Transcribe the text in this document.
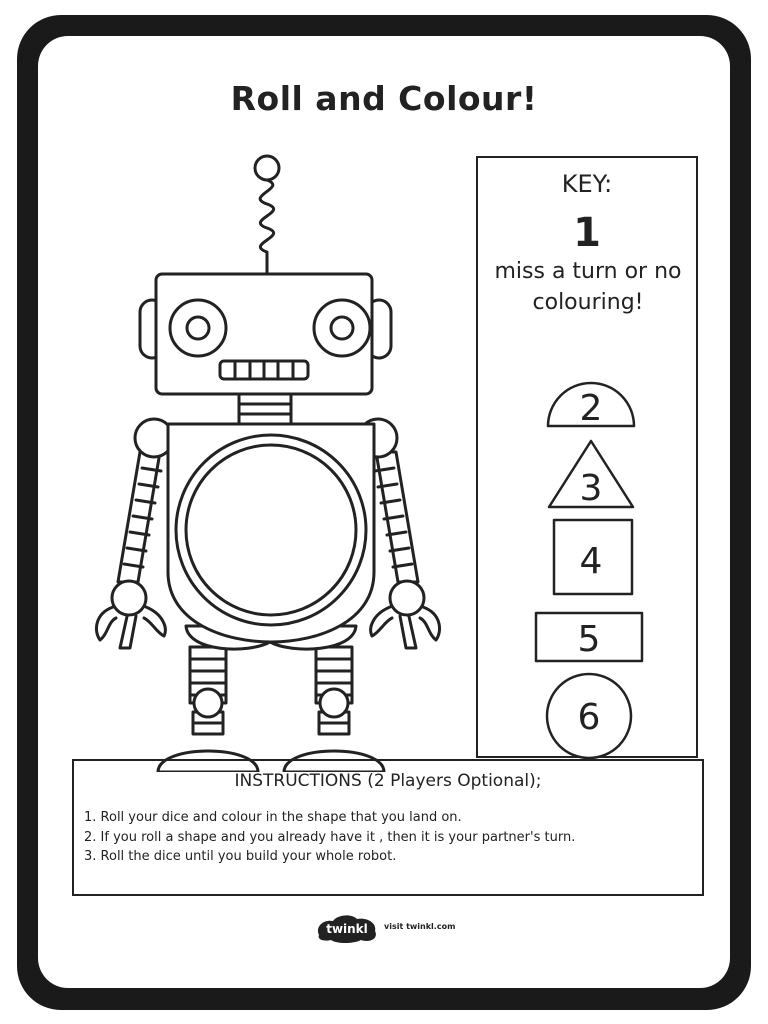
Roll and Colour!
KEY:
1
miss a turn or no colouring!
2
3
4
5
6
INSTRUCTIONS (2 Players Optional);
1. Roll your dice and colour in the shape that you land on.
2. If you roll a shape and you already have it , then it is your partner's turn.
3. Roll the dice until you build your whole robot.
twinkl visit twinkl.com
